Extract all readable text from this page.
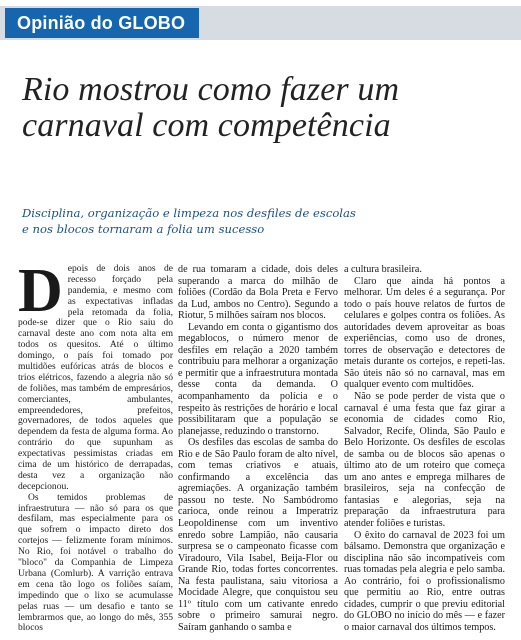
Opinião do GLOBO
Rio mostrou como fazer um carnaval com competência

Disciplina, organização e limpeza nos desfiles de escolas e nos blocos tornaram a folia um sucesso

Depois de dois anos de recesso forçado pela pandemia, e mesmo com as expectativas infladas pela retomada da folia, pode-se dizer que o Rio saiu do carnaval deste ano com nota alta em todos os quesitos. Até o último domingo, o país foi tomado por multidões eufóricas atrás de blocos e trios elétricos, fazendo a alegria não só de foliões, mas também de empresários, comerciantes, ambulantes, empreendedores, prefeitos, governadores, de todos aqueles que dependem da festa de alguma forma. Ao contrário do que supunham as expectativas pessimistas criadas em cima de um histórico de derrapadas, desta vez a organização não decepcionou.

Os temidos problemas de infraestrutura — não só para os que desfilam, mas especialmente para os que sofrem o impacto direto dos cortejos — felizmente foram mínimos. No Rio, foi notável o trabalho do "bloco" da Companhia de Limpeza Urbana (Comlurb). A varrição entrava em cena tão logo os foliões saíam, impedindo que o lixo se acumulasse pelas ruas — um desafio e tanto se lembrarmos que, ao longo do mês, 355 blocos

de rua tomaram a cidade, dois deles superando a marca do milhão de foliões (Cordão da Bola Preta e Fervo da Lud, ambos no Centro). Segundo a Riotur, 5 milhões saíram nos blocos.

Levando em conta o gigantismo dos megablocos, o número menor de desfiles em relação a 2020 também contribuiu para melhorar a organização e permitir que a infraestrutura montada desse conta da demanda. O acompanhamento da polícia e o respeito às restrições de horário e local possibilitaram que a população se planejasse, reduzindo o transtorno.

Os desfiles das escolas de samba do Rio e de São Paulo foram de alto nível, com temas criativos e atuais, confirmando a excelência das agremiações. A organização também passou no teste. No Sambódromo carioca, onde reinou a Imperatriz Leopoldinense com um inventivo enredo sobre Lampião, não causaria surpresa se o campeonato ficasse com Viradouro, Vila Isabel, Beija-Flor ou Grande Rio, todas fortes concorrentes. Na festa paulistana, saiu vitoriosa a Mocidade Alegre, que conquistou seu 11º título com um cativante enredo sobre o primeiro samurai negro. Saíram ganhando o samba e

a cultura brasileira.

Claro que ainda há pontos a melhorar. Um deles é a segurança. Por todo o país houve relatos de furtos de celulares e golpes contra os foliões. As autoridades devem aproveitar as boas experiências, como uso de drones, torres de observação e detectores de metais durante os cortejos, e repeti-las. São úteis não só no carnaval, mas em qualquer evento com multidões.

Não se pode perder de vista que o carnaval é uma festa que faz girar a economia de cidades como Rio, Salvador, Recife, Olinda, São Paulo e Belo Horizonte. Os desfiles de escolas de samba ou de blocos são apenas o último ato de um roteiro que começa um ano antes e emprega milhares de brasileiros, seja na confecção de fantasias e alegorias, seja na preparação da infraestrutura para atender foliões e turistas.

O êxito do carnaval de 2023 foi um bálsamo. Demonstra que organização e disciplina não são incompatíveis com ruas tomadas pela alegria e pelo samba. Ao contrário, foi o profissionalismo que permitiu ao Rio, entre outras cidades, cumprir o que previu editorial do GLOBO no início do mês — e fazer o maior carnaval dos últimos tempos.
